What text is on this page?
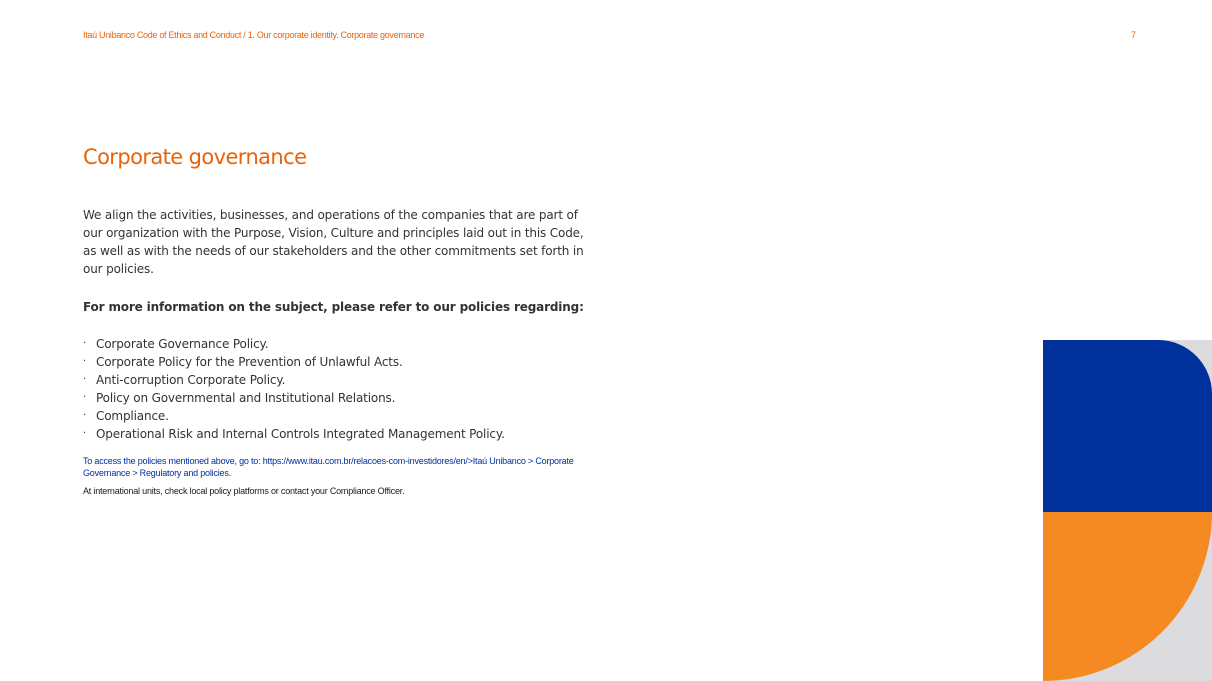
Itaú Unibanco Code of Ethics and Conduct / 1. Our corporate identity. Corporate governance	7
Corporate governance

We align the activities, businesses, and operations of the companies that are part of our organization with the Purpose, Vision, Culture and principles laid out in this Code, as well as with the needs of our stakeholders and the other commitments set forth in our policies.

For more information on the subject, please refer to our policies regarding:

· Corporate Governance Policy.
· Corporate Policy for the Prevention of Unlawful Acts.
· Anti-corruption Corporate Policy.
· Policy on Governmental and Institutional Relations.
· Compliance.
· Operational Risk and Internal Controls Integrated Management Policy.

To access the policies mentioned above, go to: https://www.itau.com.br/relacoes-com-investidores/en/>Itaú Unibanco > Corporate Governance > Regulatory and policies.

At international units, check local policy platforms or contact your Compliance Officer.
